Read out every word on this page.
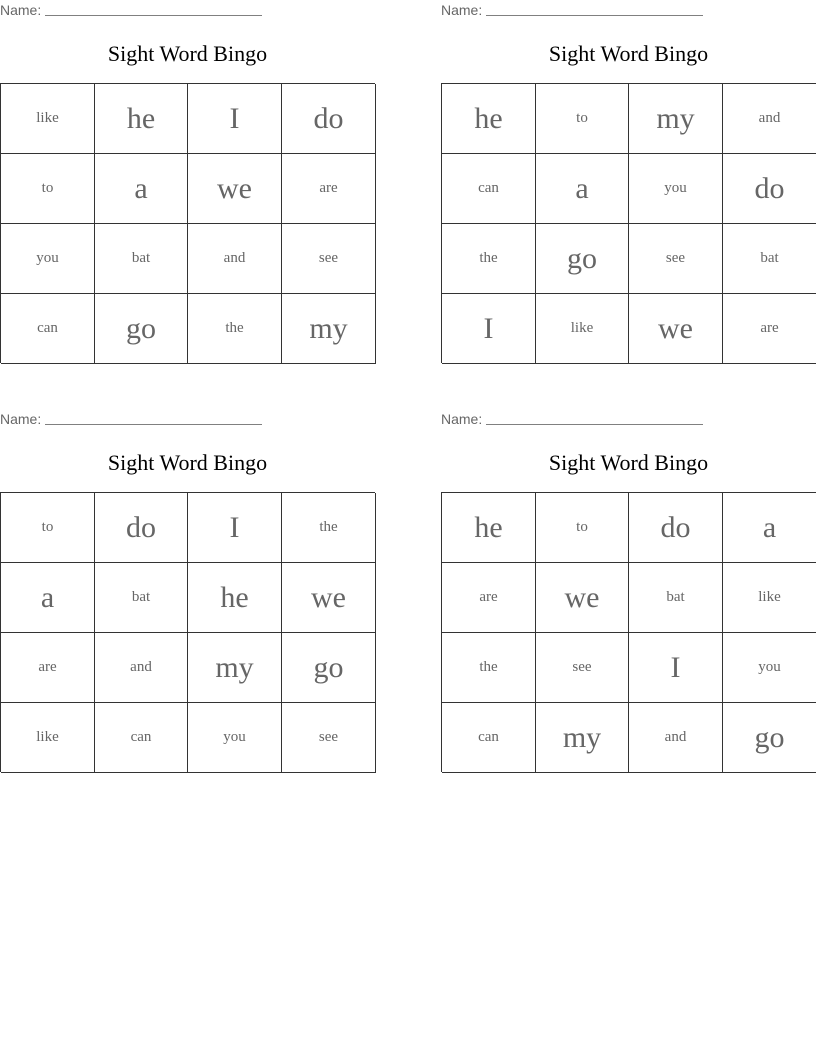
Name:
Sight Word Bingo
like	he	I	do
to	a	we	are
you	bat	and	see
can	go	the	my
Name:
Sight Word Bingo
he	to	my	and
can	a	you	do
the	go	see	bat
I	like	we	are
Name:
Sight Word Bingo
to	do	I	the
a	bat	he	we
are	and	my	go
like	can	you	see
Name:
Sight Word Bingo
he	to	do	a
are	we	bat	like
the	see	I	you
can	my	and	go
